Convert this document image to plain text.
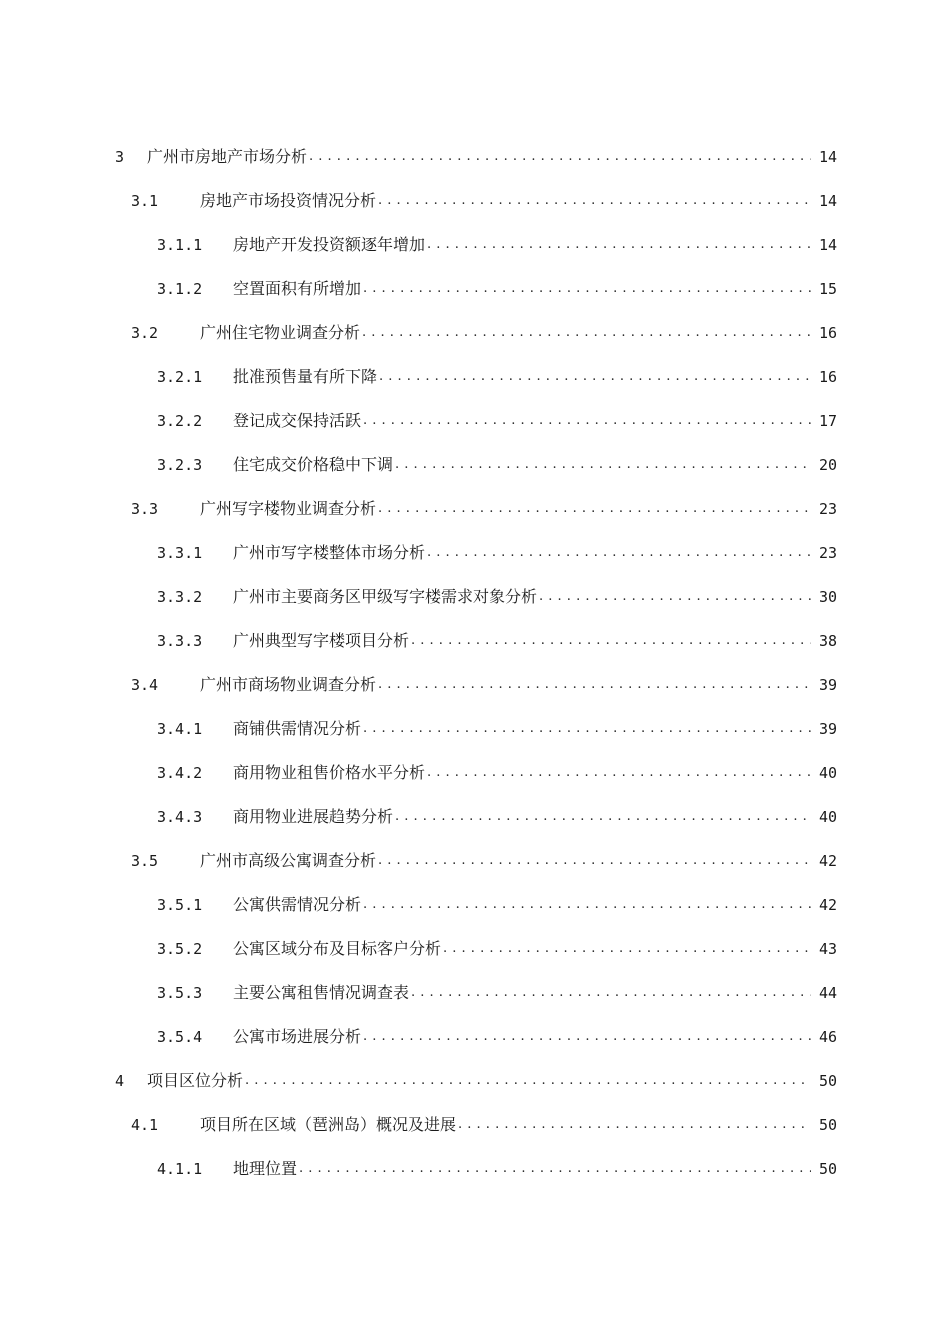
3 广州市房地产市场分析 . . .	14
3.1	房地产市场投资情况分析 . . .	14
3.1.1 房地产开发投资额逐年增加 . . .	14
3.1.2 空置面积有所增加 . . .	15
3.2	广州住宅物业调查分析 . . .	16
3.2.1 批准预售量有所下降 . . .	16
3.2.2 登记成交保持活跃 . . .	17
3.2.3 住宅成交价格稳中下调 . . .	20
3.3	广州写字楼物业调查分析 . . .	23
3.3.1 广州市写字楼整体市场分析 . . .	23
3.3.2 广州市主要商务区甲级写字楼需求对象分析 . . .	30
3.3.3 广州典型写字楼项目分析 . . .	38
3.4	广州市商场物业调查分析 . . .	39
3.4.1 商铺供需情况分析 . . .	39
3.4.2 商用物业租售价格水平分析 . . .	40
3.4.3 商用物业进展趋势分析 . . .	40
3.5	广州市高级公寓调查分析 . . .	42
3.5.1 公寓供需情况分析 . . .	42
3.5.2 公寓区域分布及目标客户分析 . . .	43
3.5.3 主要公寓租售情况调查表 . . .	44
3.5.4 公寓市场进展分析 . . .	46
4 项目区位分析 . . .	50
4.1	项目所在区域（琶洲岛）概况及进展 . . .	50
4.1.1 地理位置 . . .	50
